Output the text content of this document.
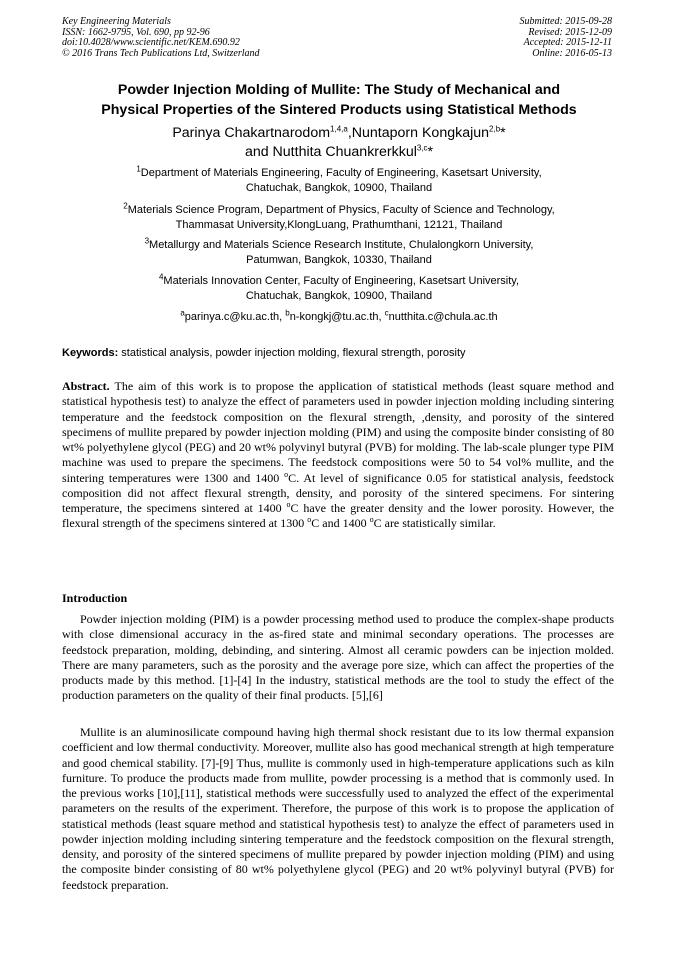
Key Engineering Materials
ISSN: 1662-9795, Vol. 690, pp 92-96
doi:10.4028/www.scientific.net/KEM.690.92
© 2016 Trans Tech Publications Ltd, Switzerland
Submitted: 2015-09-28
Revised: 2015-12-09
Accepted: 2015-12-11
Online: 2016-05-13
Powder Injection Molding of Mullite: The Study of Mechanical and
Physical Properties of the Sintered Products using Statistical Methods
Parinya Chakartnarodom$^{1,4,a}$,Nuntaporn Kongkajun$^{2,b}$*
and Nutthita Chuankrerkkul$^{3,c}$*
$^1$Department of Materials Engineering, Faculty of Engineering, Kasetsart University,
Chatuchak, Bangkok, 10900, Thailand
$^2$Materials Science Program, Department of Physics, Faculty of Science and Technology,
Thammasat University,KlongLuang, Prathumthani, 12121, Thailand
$^3$Metallurgy and Materials Science Research Institute, Chulalongkorn University,
Patumwan, Bangkok, 10330, Thailand
$^4$Materials Innovation Center, Faculty of Engineering, Kasetsart University,
Chatuchak, Bangkok, 10900, Thailand
$^a$parinya.c@ku.ac.th, $^b$n-kongkj@tu.ac.th, $^c$nutthita.c@chula.ac.th
Keywords: statistical analysis, powder injection molding, flexural strength, porosity
Abstract. The aim of this work is to propose the application of statistical methods (least square method and statistical hypothesis test) to analyze the effect of parameters used in powder injection molding including sintering temperature and the feedstock composition on the flexural strength, ,density, and porosity of the sintered specimens of mullite prepared by powder injection molding (PIM) and using the composite binder consisting of 80 wt% polyethylene glycol (PEG) and 20 wt% polyvinyl butyral (PVB) for molding. The lab-scale plunger type PIM machine was used to prepare the specimens. The feedstock compositions were 50 to 54 vol% mullite, and the sintering temperatures were 1300 and 1400 $^o$C. At level of significance 0.05 for statistical analysis, feedstock composition did not affect flexural strength, density, and porosity of the sintered specimens. For sintering temperature, the specimens sintered at 1400 $^o$C have the greater density and the lower porosity. However, the flexural strength of the specimens sintered at 1300 $^o$C and 1400 $^o$C are statistically similar.
Introduction
Powder injection molding (PIM) is a powder processing method used to produce the complex-shape products with close dimensional accuracy in the as-fired state and minimal secondary operations. The processes are feedstock preparation, molding, debinding, and sintering. Almost all ceramic powders can be injection molded. There are many parameters, such as the porosity and the average pore size, which can affect the properties of the products made by this method. [1]-[4] In the industry, statistical methods are the tool to study the effect of the production parameters on the quality of their final products. [5],[6]
Mullite is an aluminosilicate compound having high thermal shock resistant due to its low thermal expansion coefficient and low thermal conductivity. Moreover, mullite also has good mechanical strength at high temperature and good chemical stability. [7]-[9] Thus, mullite is commonly used in high-temperature applications such as kiln furniture. To produce the products made from mullite, powder processing is a method that is commonly used. In the previous works [10],[11], statistical methods were successfully used to analyzed the effect of the experimental parameters on the results of the experiment. Therefore, the purpose of this work is to propose the application of statistical methods (least square method and statistical hypothesis test) to analyze the effect of parameters used in powder injection molding including sintering temperature and the feedstock composition on the flexural strength, density, and porosity of the sintered specimens of mullite prepared by powder injection molding (PIM) and using the composite binder consisting of 80 wt% polyethylene glycol (PEG) and 20 wt% polyvinyl butyral (PVB) for feedstock preparation.
